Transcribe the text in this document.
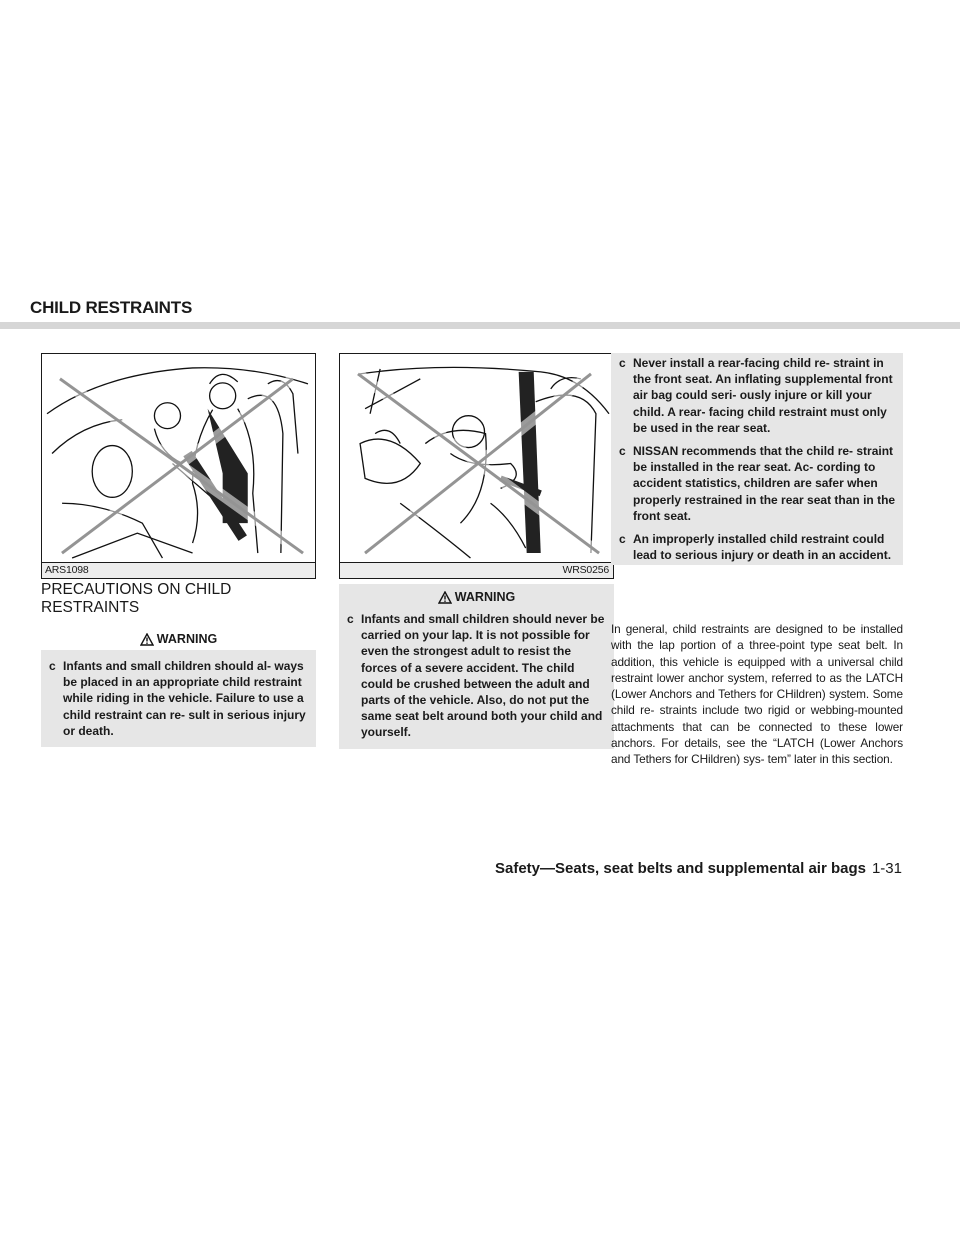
CHILD RESTRAINTS
ARS1098	WRS0256
PRECAUTIONS ON CHILD RESTRAINTS
WARNING
c Infants and small children should al- ways be placed in an appropriate child restraint while riding in the vehicle. Failure to use a child restraint can re- sult in serious injury or death.
WARNING
c Infants and small children should never be carried on your lap. It is not possible for even the strongest adult to resist the forces of a severe accident. The child could be crushed between the adult and parts of the vehicle. Also, do not put the same seat belt around both your child and yourself.
c Never install a rear-facing child re- straint in the front seat. An inflating supplemental front air bag could seri- ously injure or kill your child. A rear- facing child restraint must only be used in the rear seat.
c NISSAN recommends that the child re- straint be installed in the rear seat. Ac- cording to accident statistics, children are safer when properly restrained in the rear seat than in the front seat.
c An improperly installed child restraint could lead to serious injury or death in an accident.

In general, child restraints are designed to be installed with the lap portion of a three-point type seat belt. In addition, this vehicle is equipped with a universal child restraint lower anchor system, referred to as the LATCH (Lower Anchors and Tethers for CHildren) system. Some child re- straints include two rigid or webbing-mounted attachments that can be connected to these lower anchors. For details, see the “LATCH (Lower Anchors and Tethers for CHildren) sys- tem” later in this section.

Safety—Seats, seat belts and supplemental air bags 1-31
